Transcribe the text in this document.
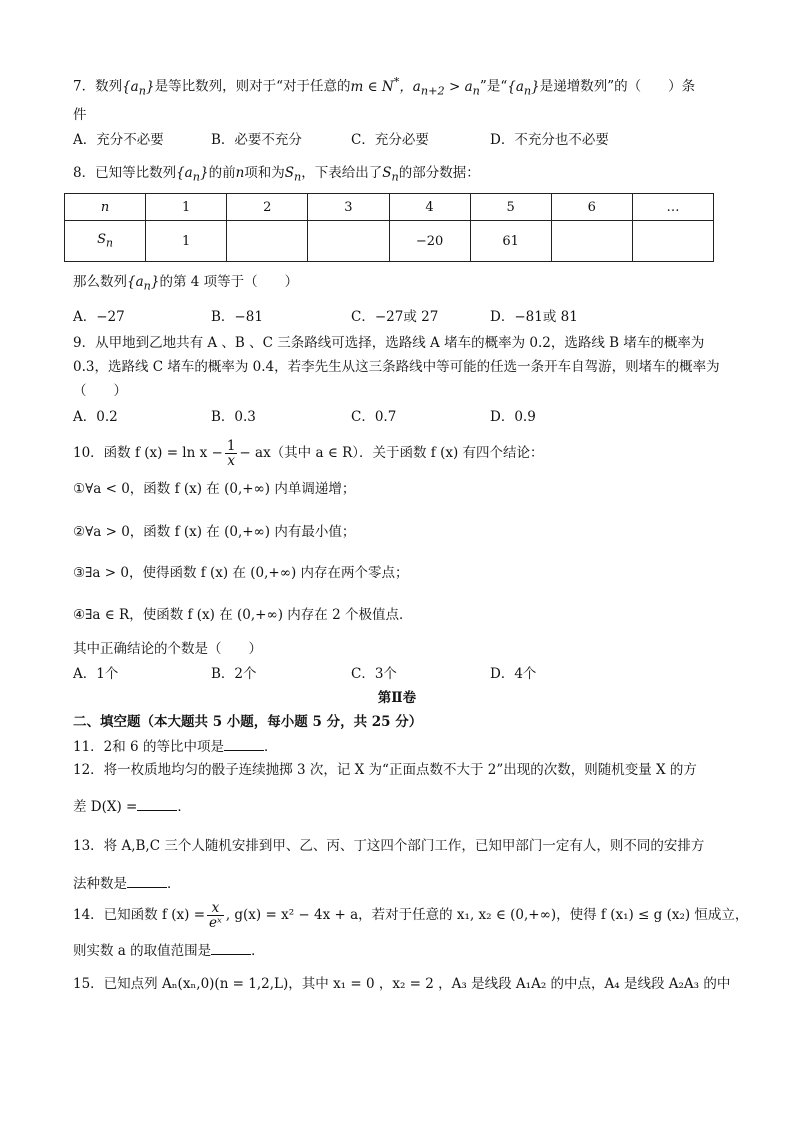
7．数列$\{a_n\}$是等比数列，则对于“对于任意的m ∈ N*，$a_{n+2} > a_n$”是“$\{a_n\}$是递增数列”的（　　）条
件
A．充分不必要	B．必要不充分	C．充分必要	D．不充分也不必要
8．已知等比数列$\{a_n\}$的前n项和为$S_n$，下表给出了$S_n$的部分数据：
n	1	2	3	4	5	6	…
$S_n$	1			−20	61		
那么数列$\{a_n\}$的第 4 项等于（　　）
A．−27	B．−81	C．−27或 27	D．−81或 81
9．从甲地到乙地共有 A 、B 、C 三条路线可选择，选路线 A 堵车的概率为 0.2，选路线 B 堵车的概率为
0.3，选路线 C 堵车的概率为 0.4，若李先生从这三条路线中等可能的任选一条开车自驾游，则堵车的概率为
（　　）
A．0.2	B．0.3	C．0.7	D．0.9
10．函数 f $(x) = \ln x - \frac{1}{x} - ax$（其中 a ∈ R）．关于函数 f (x) 有四个结论：
①∀a < 0，函数 f (x) 在 (0,+∞) 内单调递增；
②∀a > 0，函数 f (x) 在 (0,+∞) 内有最小值；
③∃a > 0，使得函数 f (x) 在 (0,+∞) 内存在两个零点；
④∃a ∈ R，使函数 f (x) 在 (0,+∞) 内存在 2 个极值点．
其中正确结论的个数是（　　）
A．1个	B．2个	C．3个	D．4个
第Ⅱ卷
二、填空题（本大题共 5 小题，每小题 5 分，共 25 分）
11．2和 6 的等比中项是	．
12．将一枚质地均匀的骰子连续抛掷 3 次，记 X 为“正面点数不大于 2”出现的次数，则随机变量 X 的方
差 D(X) =	．
13．将 A,B,C 三个人随机安排到甲、乙、丙、丁这四个部门工作，已知甲部门一定有人，则不同的安排方
法种数是	．
14．已知函数 f $(x) = \frac{x}{\text{eˣ}}$ , g(x) = x² − 4x + a，若对于任意的 x₁, x₂ ∈ (0,+∞)，使得 f (x₁) ≤ g (x₂) 恒成立，
则实数 a 的取值范围是	．
15．已知点列 Aₙ(xₙ,0)(n = 1,2,L)，其中 x₁ = 0 ，x₂ = 2 ，A₃ 是线段 A₁A₂ 的中点，A₄ 是线段 A₂A₃ 的中
